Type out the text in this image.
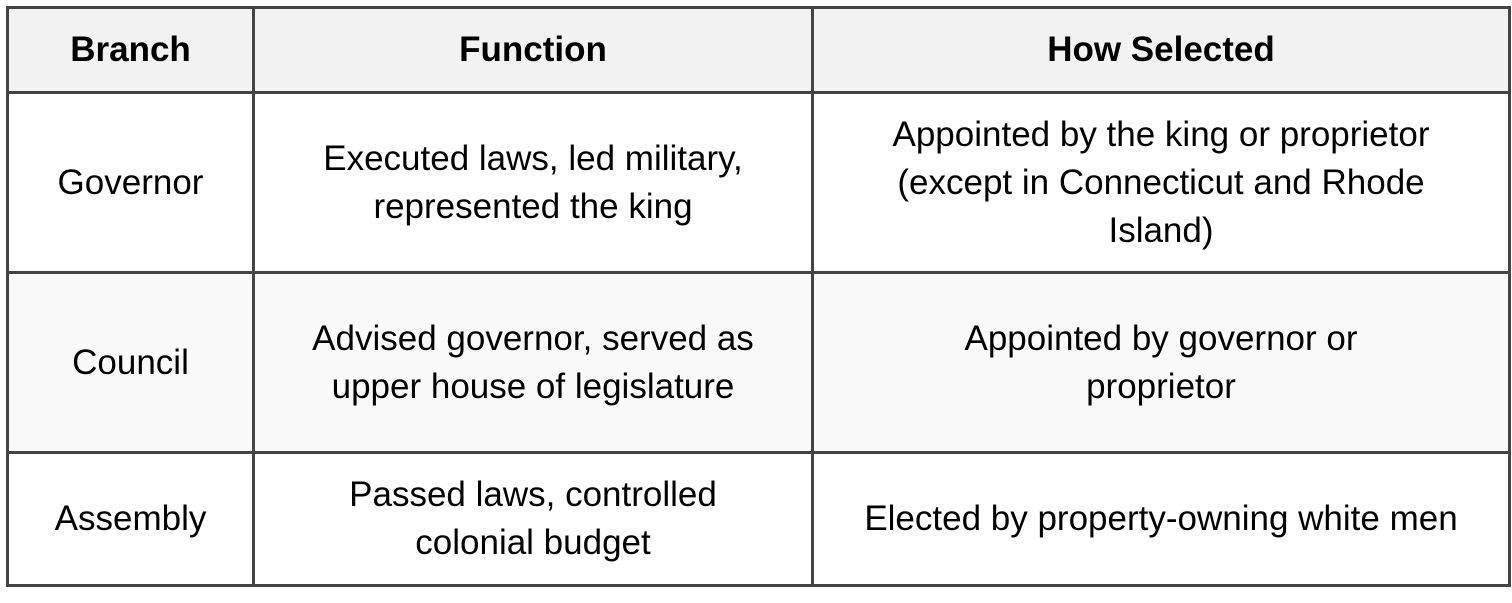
Branch	Function	How Selected
Governor	Executed laws, led military, represented the king	Appointed by the king or proprietor (except in Connecticut and Rhode Island)
Council	Advised governor, served as upper house of legislature	Appointed by governor or proprietor
Assembly	Passed laws, controlled colonial budget	Elected by property-owning white men
